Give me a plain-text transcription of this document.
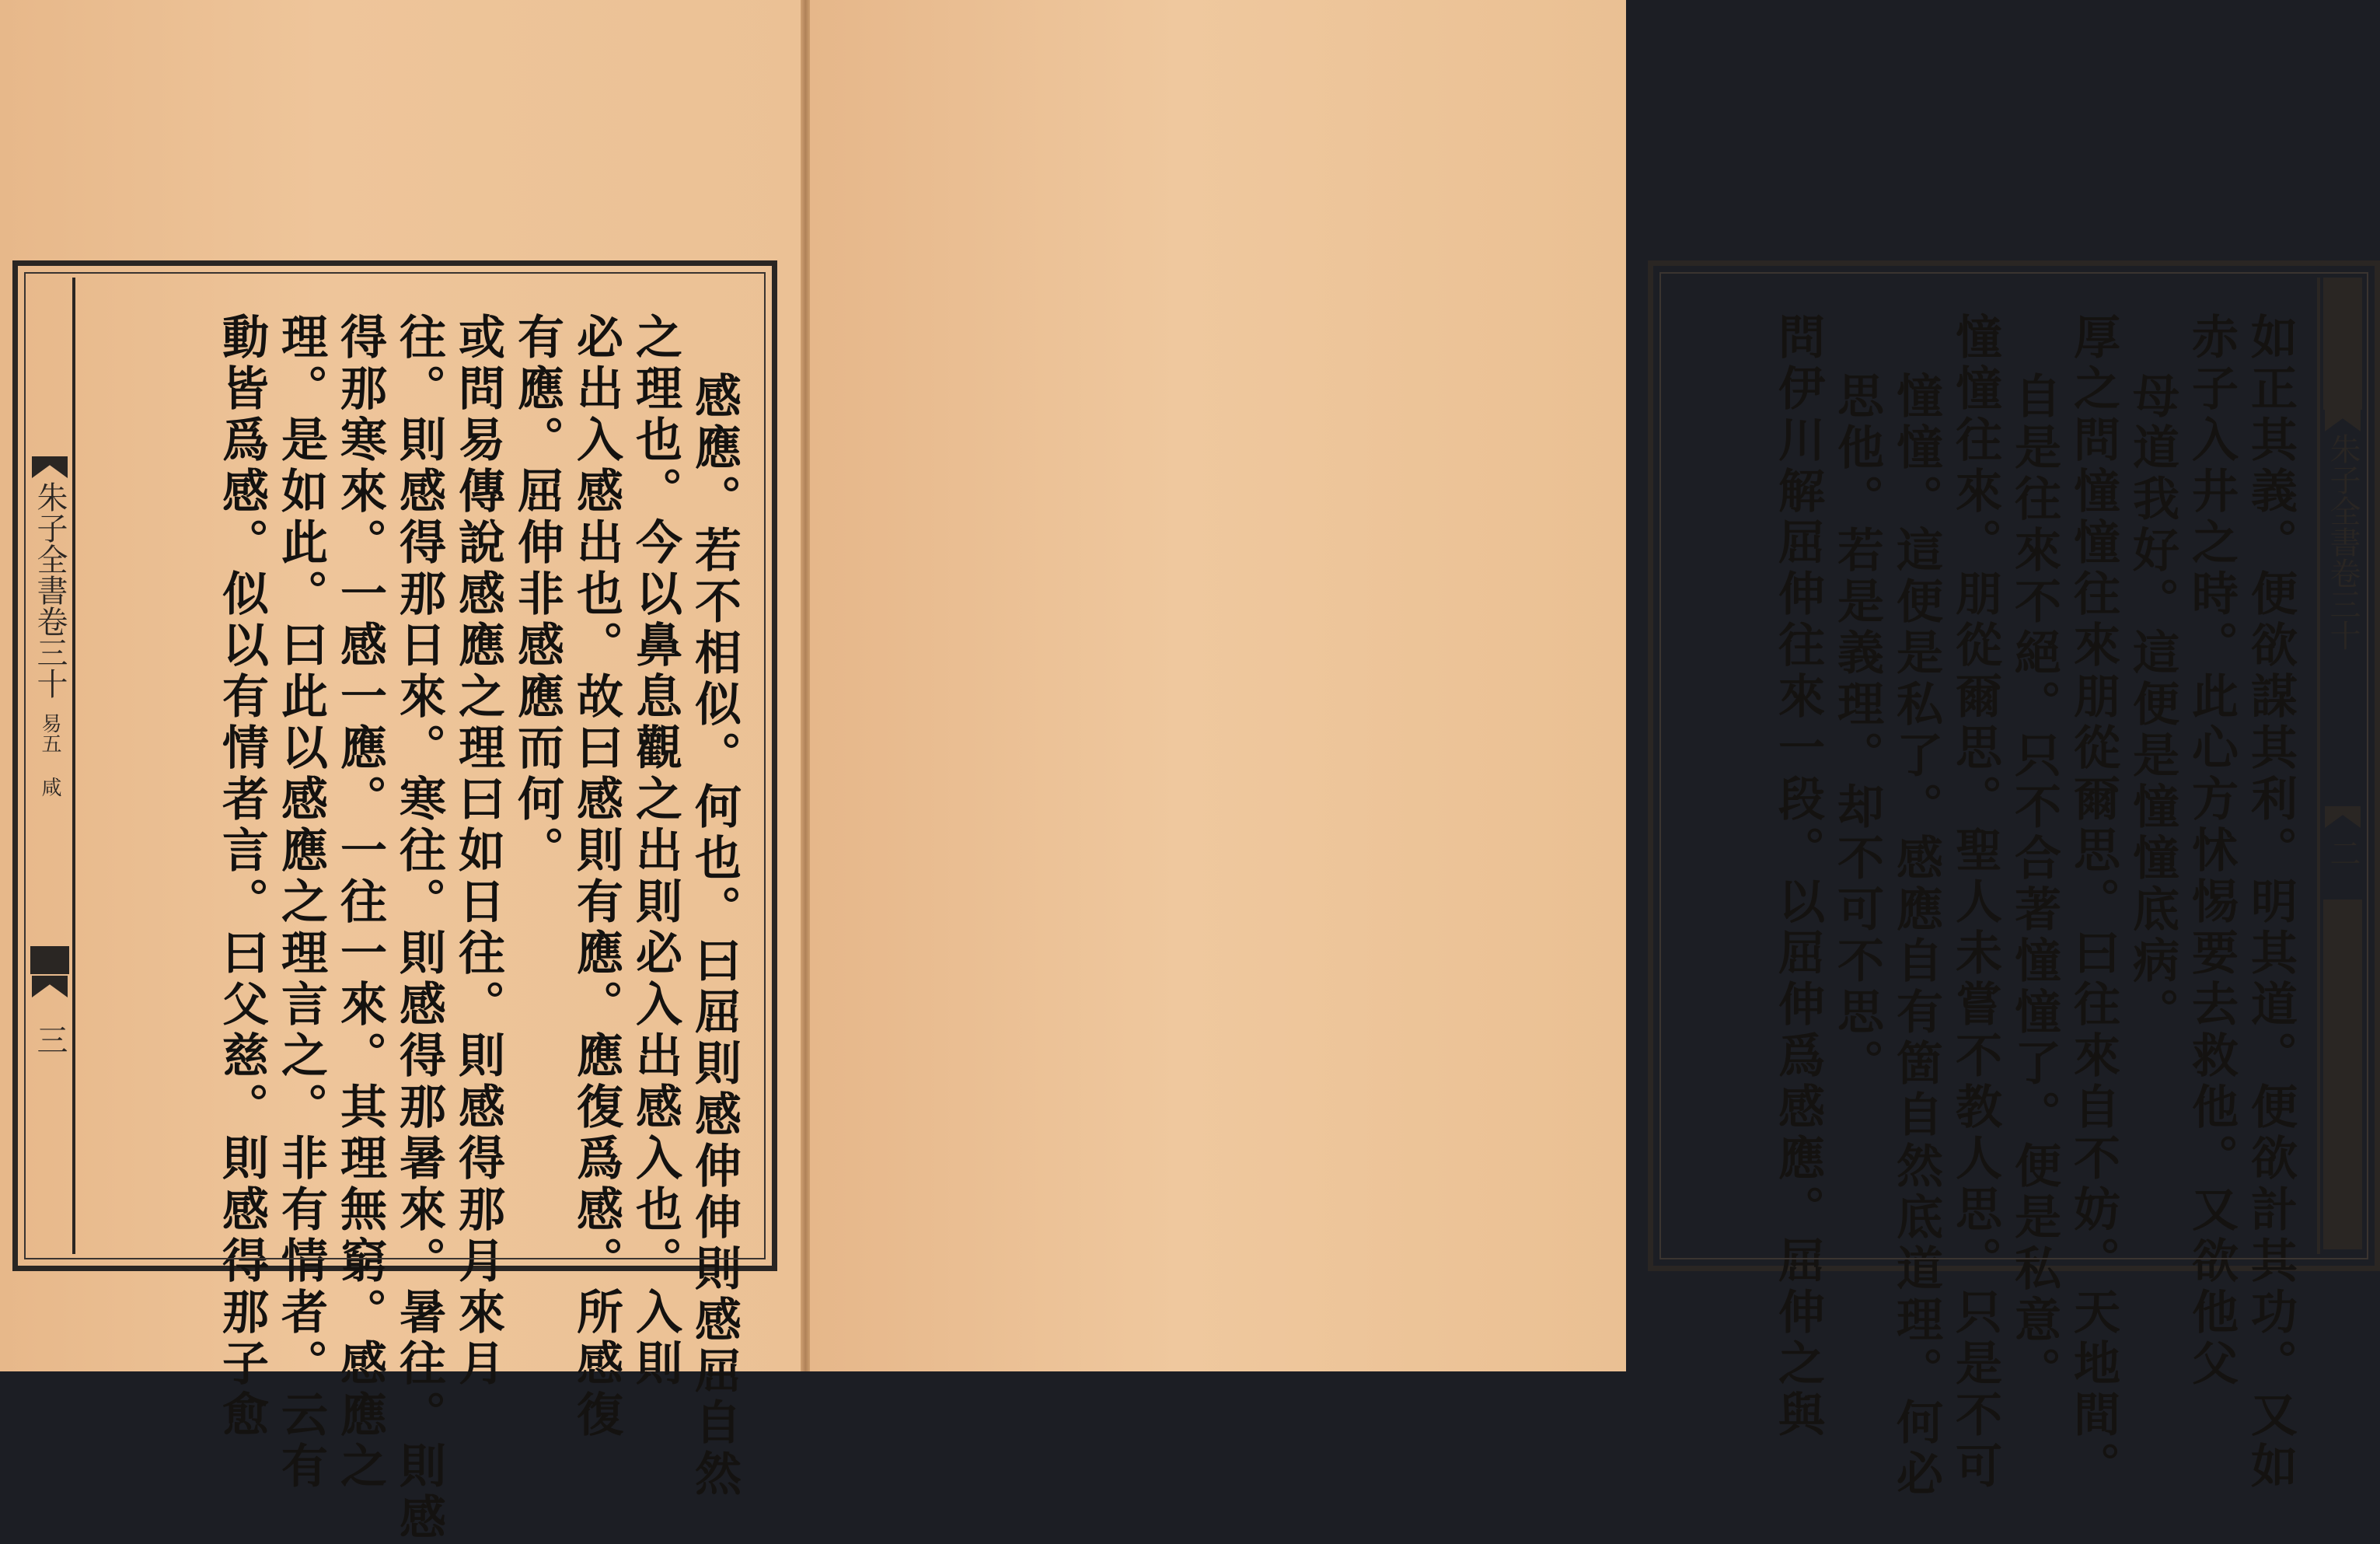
朱子全書卷三十
易五 咸
三	感應。若不相似。何也。曰屈則感伸伸則感屈自然
之理也。今以鼻息觀之出則必入出感入也。入則
必出入感出也。故曰感則有應。應復爲感。所感復
有應。屈伸非感應而何。
或問易傳說感應之理曰如日往。則感得那月來月
往。則感得那日來。寒往。則感得那暑來。暑往。則感
得那寒來。一感一應。一往一來。其理無窮。感應之
理。是如此。曰此以感應之理言之。非有情者。云有
動皆爲感。似以有情者言。曰父慈。則感得那子愈	朱子全書卷三十
二
如正其義。便欲謀其利。明其道。便欲計其功。又如
赤子入井之時。此心方怵惕要去救他。又欲他父
母道我好。這便是憧憧底病。
厚之問憧憧往來朋從爾思。曰往來自不妨。天地間。
自是往來不絕。只不合著憧憧了。便是私意。
憧憧往來。朋從爾思。聖人未嘗不教人思。只是不可
憧憧。這便是私了。感應自有箇自然底道理。何必
思他。若是義理。却不可不思。
問伊川解屈伸往來一段。以屈伸爲感應。屈伸之與
